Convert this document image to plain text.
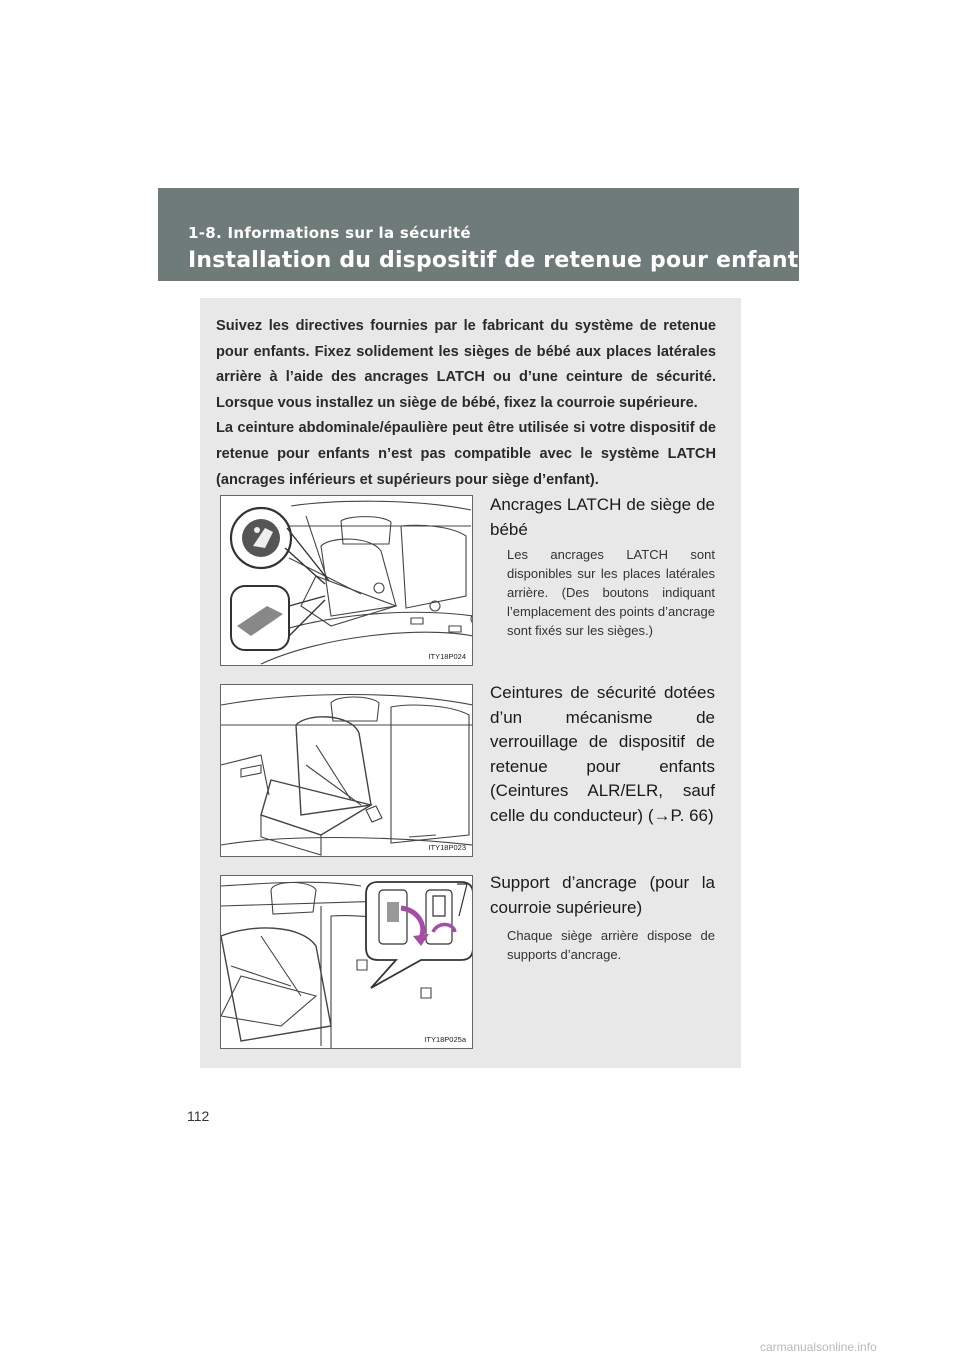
1-8. Informations sur la sécurité
Installation du dispositif de retenue pour enfants

Suivez les directives fournies par le fabricant du système de retenue pour enfants. Fixez solidement les sièges de bébé aux places latérales arrière à l’aide des ancrages LATCH ou d’une ceinture de sécurité. Lorsque vous installez un siège de bébé, fixez la courroie supérieure.

La ceinture abdominale/épaulière peut être utilisée si votre dispositif de retenue pour enfants n’est pas compatible avec le système LATCH (ancrages inférieurs et supérieurs pour siège d’enfant).

ITY18P024
Ancrages LATCH de siège de bébé
Les ancrages LATCH sont disponibles sur les places latérales arrière. (Des boutons indiquant l’emplacement des points d’ancrage sont fixés sur les sièges.)
ITY18P023
Ceintures de sécurité dotées d’un mécanisme de verrouillage de dispositif de retenue pour enfants (Ceintures ALR/ELR, sauf celle du conducteur) (→P. 66)
ITY18P025a
Support d’ancrage (pour la courroie supérieure)
Chaque siège arrière dispose de supports d’ancrage.
112
carmanualsonline.info
